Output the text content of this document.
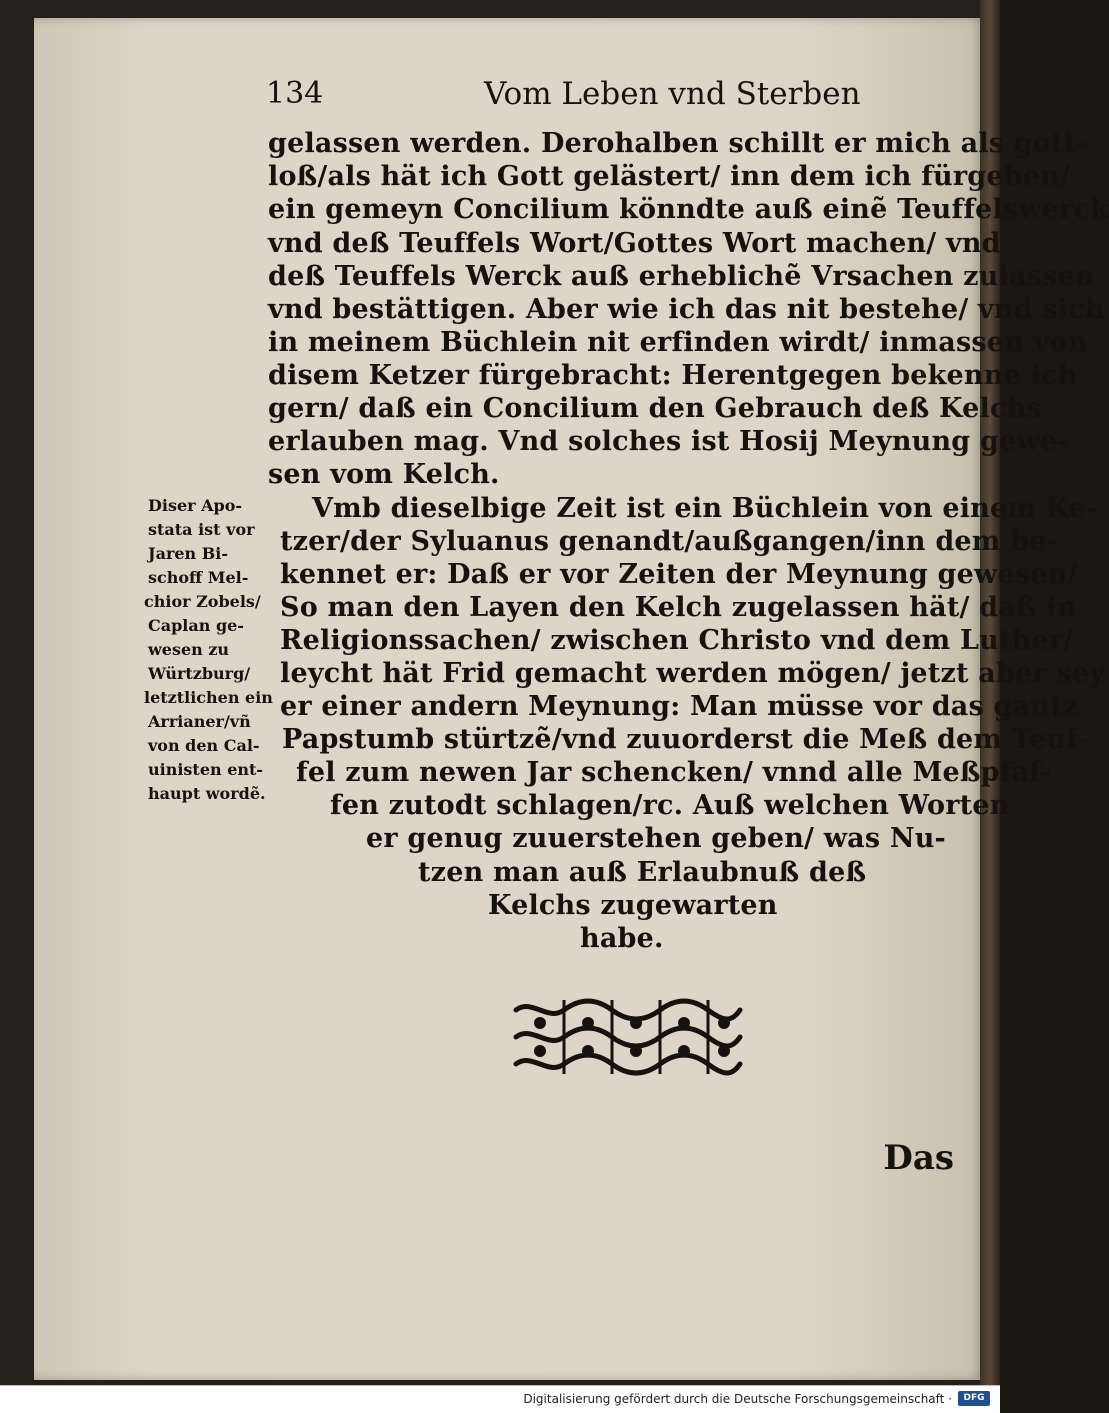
134	Vom Leben vnd Sterben
gelassen werden. Derohalben schillt er mich als gott-
loß/als hät ich Gott gelästert/ inn dem ich fürgeben/
ein gemeyn Concilium könndte auß einẽ Teuffelswerck
vnd deß Teuffels Wort/Gottes Wort machen/ vnd
deß Teuffels Werck auß erheblichẽ Vrsachen zulassen
vnd bestättigen. Aber wie ich das nit bestehe/ vnd sich
in meinem Büchlein nit erfinden wirdt/ inmassen von
disem Ketzer fürgebracht: Herentgegen bekenne ich
gern/ daß ein Concilium den Gebrauch deß Kelchs
erlauben mag. Vnd solches ist Hosij Meynung gewe-
sen vom Kelch.
Vmb dieselbige Zeit ist ein Büchlein von einem Ke-
tzer/der Syluanus genandt/außgangen/inn dem be-
kennet er: Daß er vor Zeiten der Meynung gewesen/
So man den Layen den Kelch zugelassen hät/ daß in
Religionssachen/ zwischen Christo vnd dem Luther/
leycht hät Frid gemacht werden mögen/ jetzt aber sey
er einer andern Meynung: Man müsse vor das gantz
Papstumb stürtzẽ/vnd zuuorderst die Meß dem Teuf-
fel zum newen Jar schencken/ vnnd alle Meßpfaf-
fen zutodt schlagen/rc. Auß welchen Worten
er genug zuuerstehen geben/ was Nu-
tzen man auß Erlaubnuß deß
Kelchs zugewarten
habe.
Diser Apo-
stata ist vor
Jaren Bi-
schoff Mel-
chior Zobels/
Caplan ge-
wesen zu
Würtzburg/
letztlichen ein
Arrianer/vñ
von den Cal-
uinisten ent-
haupt wordẽ.
Das
Digitalisierung gefördert durch die Deutsche Forschungsgemeinschaft ·	DFG
